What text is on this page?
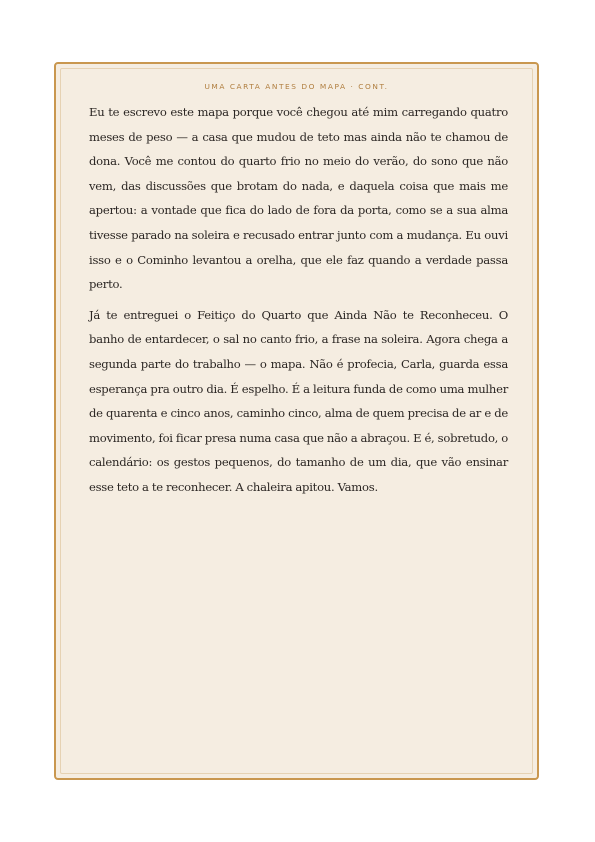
UMA CARTA ANTES DO MAPA · CONT.

Eu te escrevo este mapa porque você chegou até mim carregando quatro meses de peso — a casa que mudou de teto mas ainda não te chamou de dona. Você me contou do quarto frio no meio do verão, do sono que não vem, das discussões que brotam do nada, e daquela coisa que mais me apertou: a vontade que fica do lado de fora da porta, como se a sua alma tivesse parado na soleira e recusado entrar junto com a mudança. Eu ouvi isso e o Cominho levantou a orelha, que ele faz quando a verdade passa perto.

Já te entreguei o Feitiço do Quarto que Ainda Não te Reconheceu. O banho de entardecer, o sal no canto frio, a frase na soleira. Agora chega a segunda parte do trabalho — o mapa. Não é profecia, Carla, guarda essa esperança pra outro dia. É espelho. É a leitura funda de como uma mulher de quarenta e cinco anos, caminho cinco, alma de quem precisa de ar e de movimento, foi ficar presa numa casa que não a abraçou. E é, sobretudo, o calendário: os gestos pequenos, do tamanho de um dia, que vão ensinar esse teto a te reconhecer. A chaleira apitou. Vamos.
